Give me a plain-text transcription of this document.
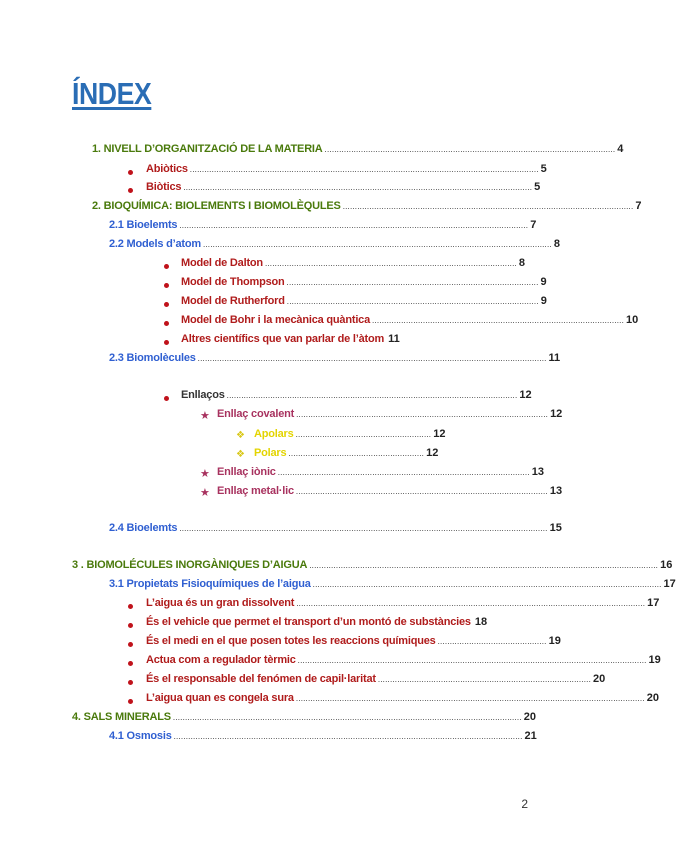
ÍNDEX
1. NIVELL D’ORGANITZACIÓ DE LA MATERIA ........................................................................................................................ 4
Abiòtics ................................................................................................................................................ 5
Biòtics ................................................................................................................................................ 5
2. BIOQUÍMICA: BIOLEMENTS I BIOMOLÈQULES ........................................................................................................................ 7
2.1 Bioelemts ................................................................................................................................................ 7
2.2 Models d’atom ................................................................................................................................................ 8
Model de Dalton ........................................................................................................ 8
Model de Thompson ........................................................................................................ 9
Model de Rutherford ........................................................................................................ 9
Model de Bohr i la mecànica quàntica ........................................................................................................ 10
Altres científics que van parlar de l’àtom 11
2.3 Biomolècules ................................................................................................................................................ 11
Enllaços ........................................................................................................................ 12
★ Enllaç covalent ........................................................................................................ 12
❖ Apolars ........................................................ 12
❖ Polars ........................................................ 12
★ Enllaç iònic ........................................................................................................ 13
★ Enllaç metal·lic ........................................................................................................ 13
2.4 Bioelemts ........................................................................................................................................................ 15
3 . BIOMOLÉCULES INORGÀNIQUES D’AIGUA ................................................................................................................................................ 16
3.1 Propietats Fisioquímiques de l’aigua ................................................................................................................................................ 17
L’aigua és un gran dissolvent ................................................................................................................................................ 17
És el vehicle que permet el transport d’un montó de substàncies 18
És el medi en el que posen totes les reaccions químiques ............................................. 19
Actua com a regulador tèrmic ................................................................................................................................................ 19
És el responsable del fenómen de capil·laritat ........................................................................................ 20
L’aigua quan es congela sura ................................................................................................................................................ 20
4. SALS MINERALS ................................................................................................................................................ 20
4.1 Osmosis ................................................................................................................................................ 21
2
